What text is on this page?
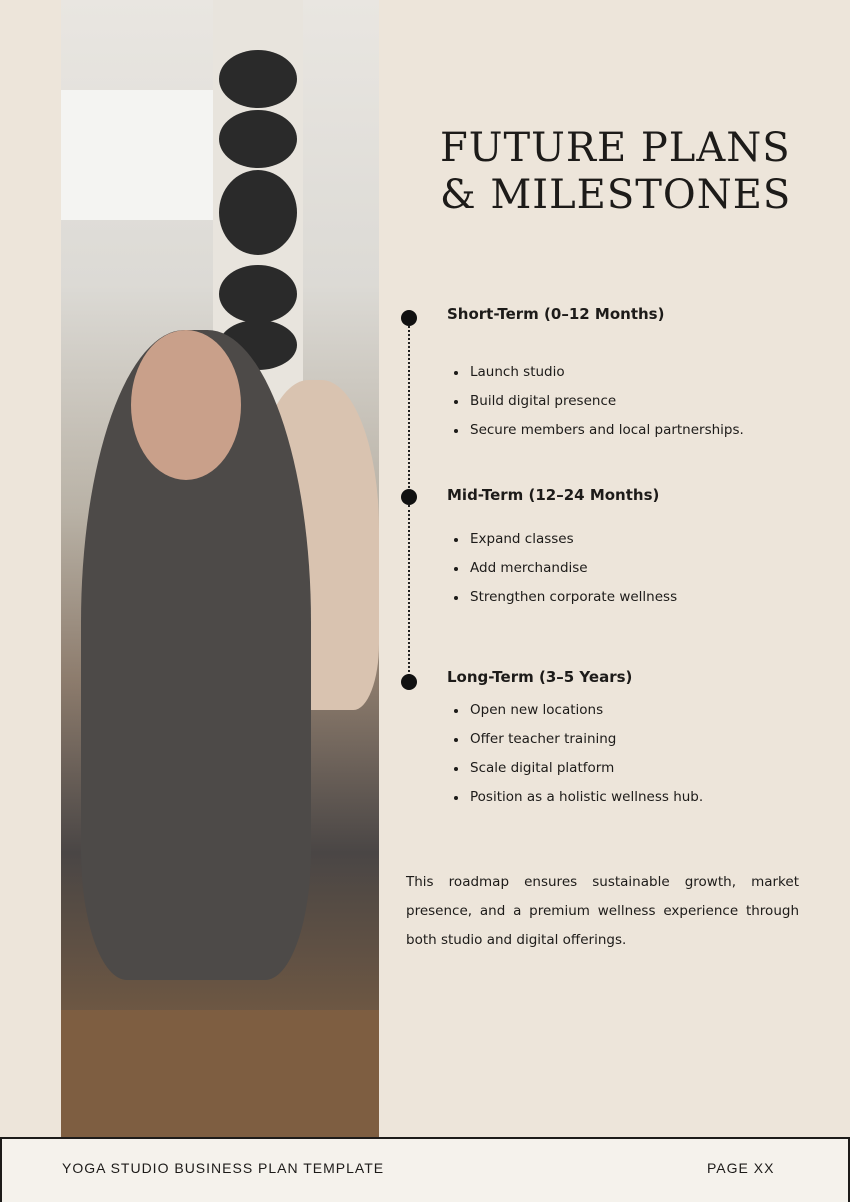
FUTURE PLANS
& MILESTONES
Short-Term (0–12 Months)
Launch studio
Build digital presence
Secure members and local partnerships.
Mid-Term (12–24 Months)
Expand classes
Add merchandise
Strengthen corporate wellness
Long-Term (3–5 Years)
Open new locations
Offer teacher training
Scale digital platform
Position as a holistic wellness hub.
This roadmap ensures sustainable growth, market presence, and a premium wellness experience through both studio and digital offerings.
YOGA STUDIO BUSINESS PLAN TEMPLATE	PAGE XX
